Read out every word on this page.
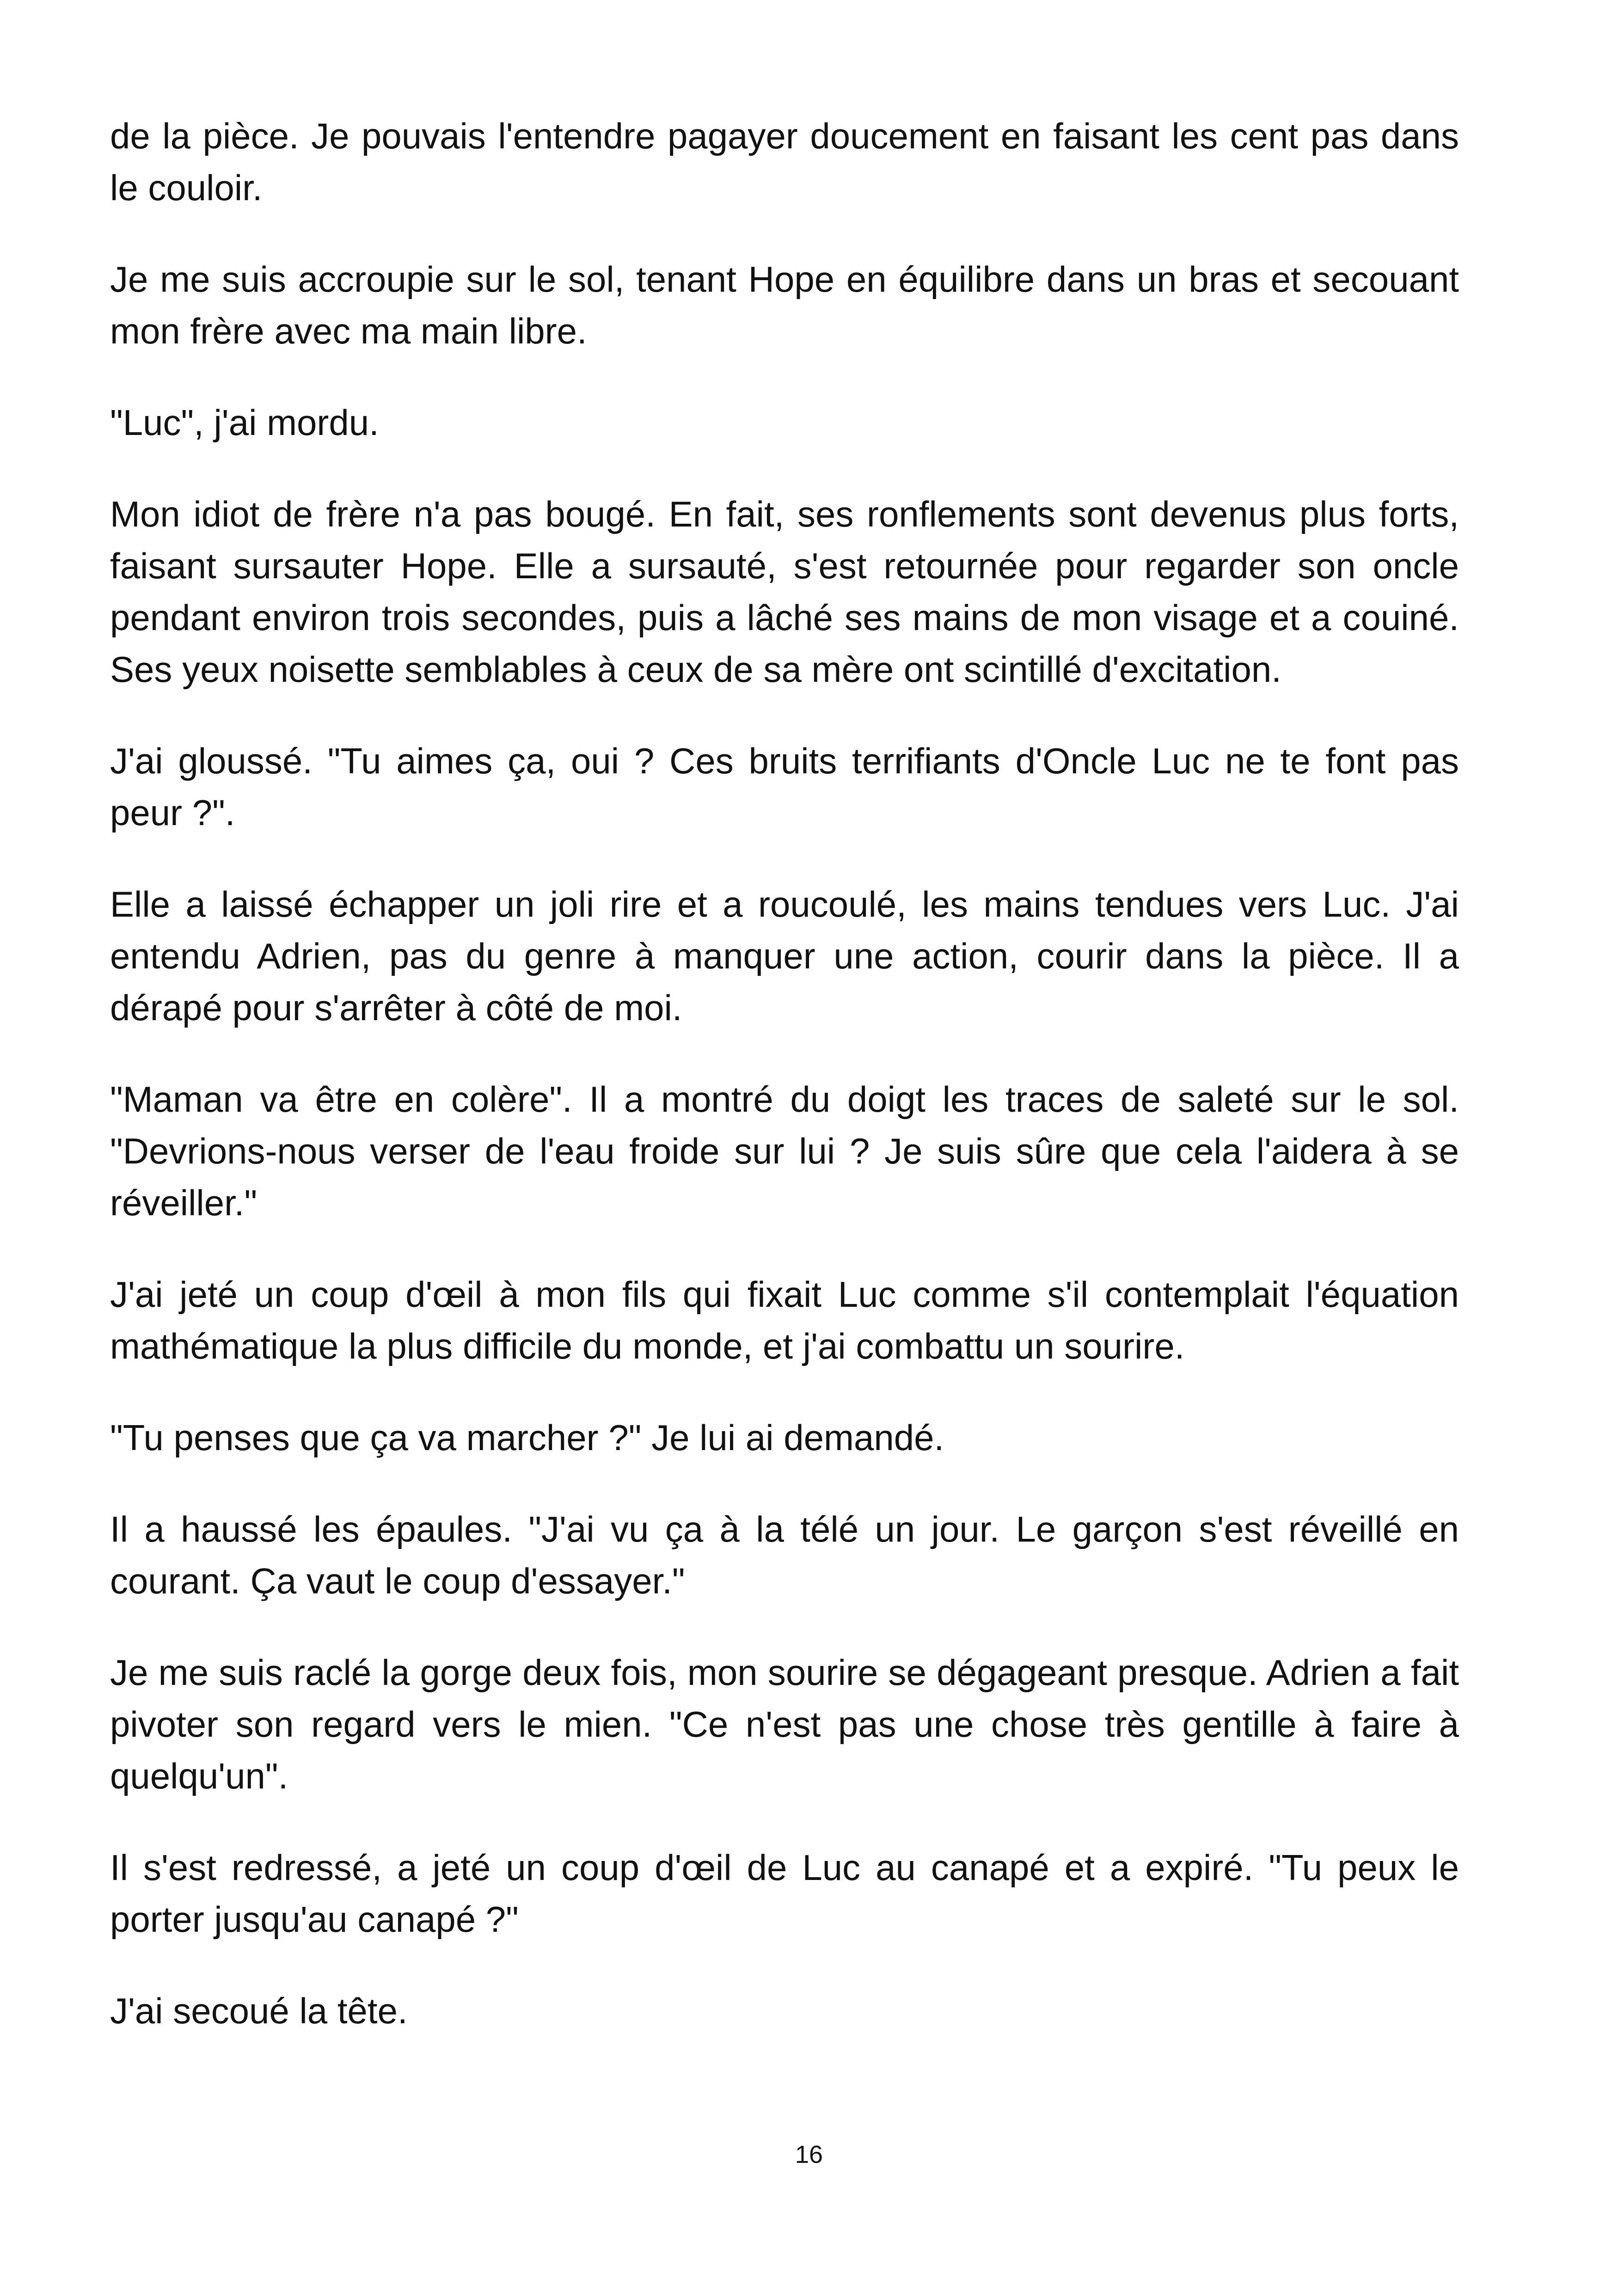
de la pièce. Je pouvais l'entendre pagayer doucement en faisant les cent pas dans le couloir.

Je me suis accroupie sur le sol, tenant Hope en équilibre dans un bras et secouant mon frère avec ma main libre.

"Luc", j'ai mordu.

Mon idiot de frère n'a pas bougé. En fait, ses ronflements sont devenus plus forts, faisant sursauter Hope. Elle a sursauté, s'est retournée pour regarder son oncle pendant environ trois secondes, puis a lâché ses mains de mon visage et a couiné. Ses yeux noisette semblables à ceux de sa mère ont scintillé d'excitation.

J'ai gloussé. "Tu aimes ça, oui ? Ces bruits terrifiants d'Oncle Luc ne te font pas peur ?".

Elle a laissé échapper un joli rire et a roucoulé, les mains tendues vers Luc. J'ai entendu Adrien, pas du genre à manquer une action, courir dans la pièce. Il a dérapé pour s'arrêter à côté de moi.

"Maman va être en colère". Il a montré du doigt les traces de saleté sur le sol. "Devrions-nous verser de l'eau froide sur lui ? Je suis sûre que cela l'aidera à se réveiller."

J'ai jeté un coup d'œil à mon fils qui fixait Luc comme s'il contemplait l'équation mathématique la plus difficile du monde, et j'ai combattu un sourire.

"Tu penses que ça va marcher ?" Je lui ai demandé.

Il a haussé les épaules. "J'ai vu ça à la télé un jour. Le garçon s'est réveillé en courant. Ça vaut le coup d'essayer."

Je me suis raclé la gorge deux fois, mon sourire se dégageant presque. Adrien a fait pivoter son regard vers le mien. "Ce n'est pas une chose très gentille à faire à quelqu'un".

Il s'est redressé, a jeté un coup d'œil de Luc au canapé et a expiré. "Tu peux le porter jusqu'au canapé ?"

J'ai secoué la tête.

16
